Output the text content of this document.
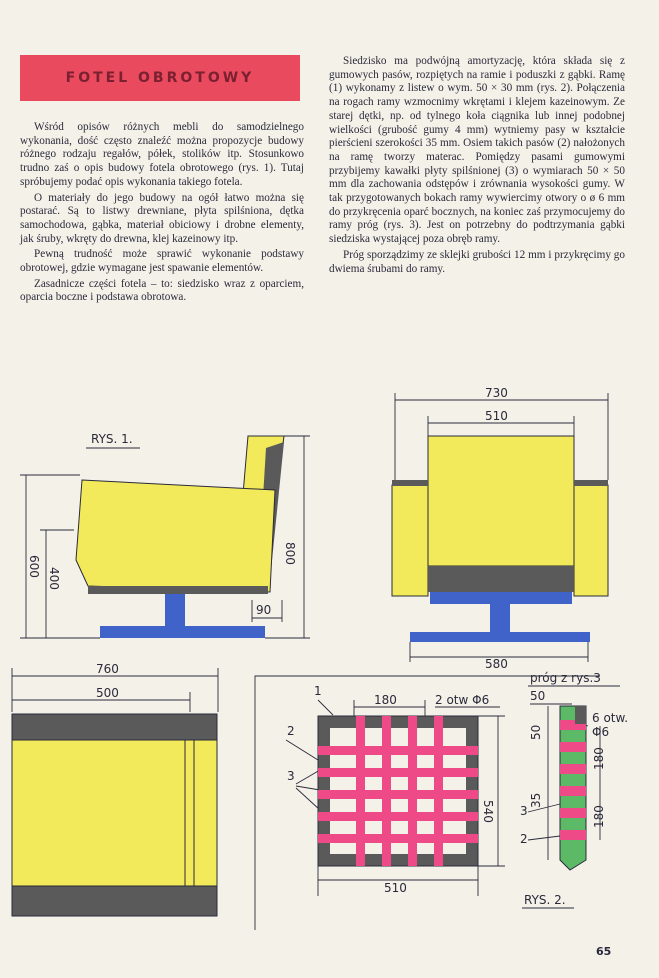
FOTEL OBROTOWY

Wśród opisów różnych mebli do samodzielnego wykonania, dość często znaleźć można propozycje budowy różnego rodzaju regałów, półek, stolików itp. Stosunkowo trudno zaś o opis budowy fotela obrotowego (rys. 1). Tutaj spróbujemy podać opis wykonania takiego fotela.

O materiały do jego budowy na ogół łatwo można się postarać. Są to listwy drewniane, płyta spilśniona, dętka samochodowa, gąbka, materiał obiciowy i drobne elementy, jak śruby, wkręty do drewna, klej kazeinowy itp.

Pewną trudność może sprawić wykonanie podstawy obrotowej, gdzie wymagane jest spawanie elementów.

Zasadnicze części fotela – to: siedzisko wraz z oparciem, oparcia boczne i podstawa obrotowa.

Siedzisko ma podwójną amortyzację, która składa się z gumowych pasów, rozpiętych na ramie i poduszki z gąbki. Ramę (1) wykonamy z listew o wym. 50 × 30 mm (rys. 2). Połączenia na rogach ramy wzmocnimy wkrętami i klejem kazeinowym. Ze starej dętki, np. od tylnego koła ciągnika lub innej podobnej wielkości (grubość gumy 4 mm) wytniemy pasy w kształcie pierścieni szerokości 35 mm. Osiem takich pasów (2) nałożonych na ramę tworzy materac. Pomiędzy pasami gumowymi przybijemy kawałki płyty spilśnionej (3) o wymiarach 50 × 50 mm dla zachowania odstępów i zrównania wysokości gumy. W tak przygotowanych bokach ramy wywiercimy otwory o ø 6 mm do przykręcenia oparć bocznych, na koniec zaś przymocujemy do ramy próg (rys. 3). Jest on potrzebny do podtrzymania gąbki siedziska wystającej poza obręb ramy.

Próg sporządzimy ze sklejki grubości 12 mm i przykręcimy go dwiema śrubami do ramy.

RYS. 1.
600
400
800
90
730
510
580
760
500	1
180	2 otw Φ6
2
3
540
510
próg z rys.3
50
6 otw.
Φ6
50
180
35
180
3
2
RYS. 2.
65
